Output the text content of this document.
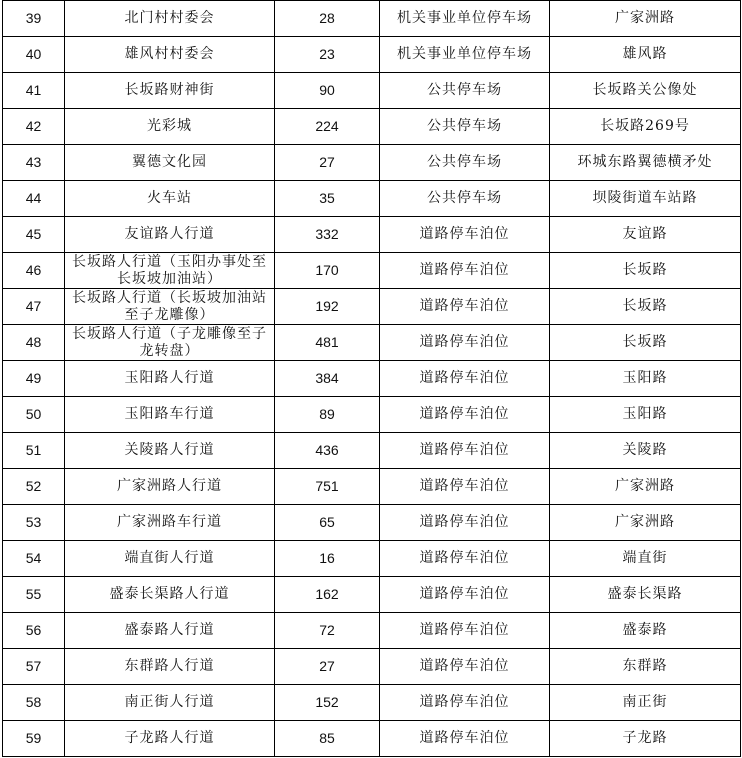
39	北门村村委会	28	机关事业单位停车场	广家洲路
40	雄风村村委会	23	机关事业单位停车场	雄风路
41	长坂路财神街	90	公共停车场	长坂路关公像处
42	光彩城	224	公共停车场	长坂路269号
43	翼德文化园	27	公共停车场	环城东路翼德横矛处
44	火车站	35	公共停车场	坝陵街道车站路
45	友谊路人行道	332	道路停车泊位	友谊路
46	长坂路人行道（玉阳办事处至长坂坡加油站）	170	道路停车泊位	长坂路
47	长坂路人行道（长坂坡加油站至子龙雕像）	192	道路停车泊位	长坂路
48	长坂路人行道（子龙雕像至子龙转盘）	481	道路停车泊位	长坂路
49	玉阳路人行道	384	道路停车泊位	玉阳路
50	玉阳路车行道	89	道路停车泊位	玉阳路
51	关陵路人行道	436	道路停车泊位	关陵路
52	广家洲路人行道	751	道路停车泊位	广家洲路
53	广家洲路车行道	65	道路停车泊位	广家洲路
54	端直街人行道	16	道路停车泊位	端直街
55	盛泰长渠路人行道	162	道路停车泊位	盛泰长渠路
56	盛泰路人行道	72	道路停车泊位	盛泰路
57	东群路人行道	27	道路停车泊位	东群路
58	南正街人行道	152	道路停车泊位	南正街
59	子龙路人行道	85	道路停车泊位	子龙路
